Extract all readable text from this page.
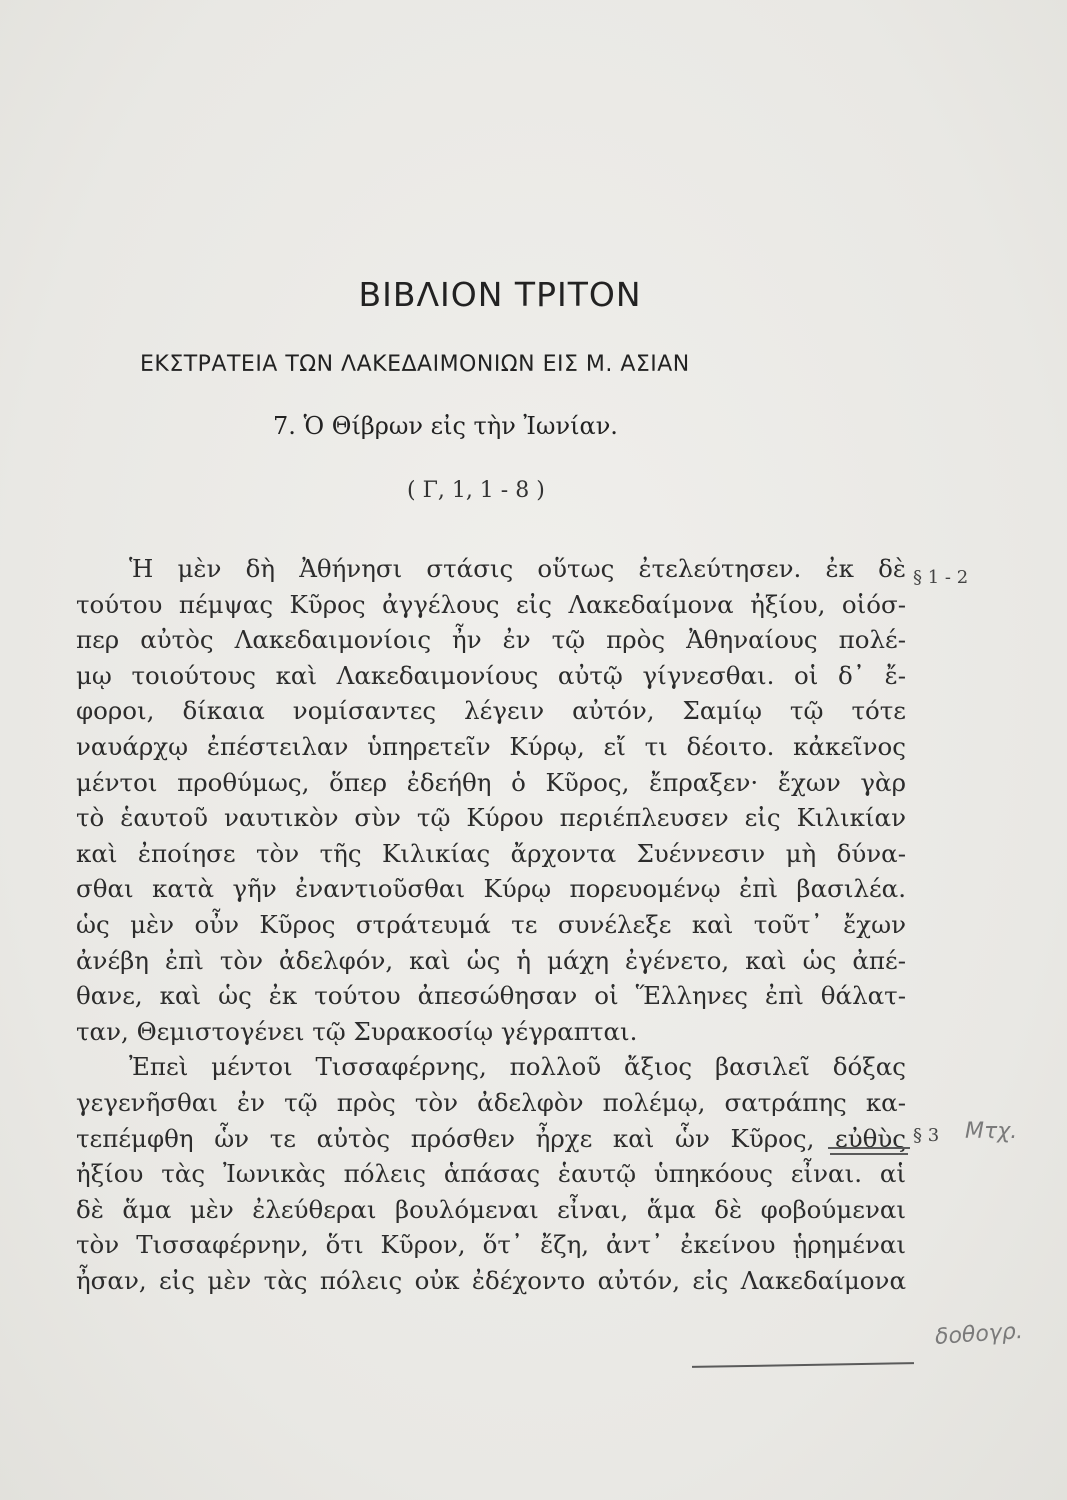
ΒΙΒΛΙΟΝ ΤΡΙΤΟΝ
ΕΚΣΤΡΑΤΕΙΑ ΤΩΝ ΛΑΚΕΔΑΙΜΟΝΙΩΝ ΕΙΣ Μ. ΑΣΙΑΝ
7. Ὁ Θίβρων εἰς τὴν Ἰωνίαν.
( Γ, 1, 1 - 8 )
Ἡ μὲν δὴ Ἀθήνησι στάσις οὕτως ἐτελεύτησεν. ἐκ δὲ
τούτου πέμψας Κῦρος ἀγγέλους εἰς Λακεδαίμονα ἠξίου, οἱόσ-
περ αὐτὸς Λακεδαιμονίοις ἦν ἐν τῷ πρὸς Ἀθηναίους πολέ-
μῳ τοιούτους καὶ Λακεδαιμονίους αὐτῷ γίγνεσθαι. οἱ δ᾽ ἔ-
φοροι, δίκαια νομίσαντες λέγειν αὐτόν, Σαμίῳ τῷ τότε
ναυάρχῳ ἐπέστειλαν ὑπηρετεῖν Κύρῳ, εἴ τι δέοιτο. κἀκεῖνος
μέντοι προθύμως, ὅπερ ἐδεήθη ὁ Κῦρος, ἔπραξεν· ἔχων γὰρ
τὸ ἑαυτοῦ ναυτικὸν σὺν τῷ Κύρου περιέπλευσεν εἰς Κιλικίαν
καὶ ἐποίησε τὸν τῆς Κιλικίας ἄρχοντα Συέννεσιν μὴ δύνα-
σθαι κατὰ γῆν ἐναντιοῦσθαι Κύρῳ πορευομένῳ ἐπὶ βασιλέα.
ὡς μὲν οὖν Κῦρος στράτευμά τε συνέλεξε καὶ τοῦτ᾽ ἔχων
ἀνέβη ἐπὶ τὸν ἀδελφόν, καὶ ὡς ἡ μάχη ἐγένετο, καὶ ὡς ἀπέ-
θανε, καὶ ὡς ἐκ τούτου ἀπεσώθησαν οἱ Ἕλληνες ἐπὶ θάλατ-
ταν, Θεμιστογένει τῷ Συρακοσίῳ γέγραπται.
Ἐπεὶ μέντοι Τισσαφέρνης, πολλοῦ ἄξιος βασιλεῖ δόξας
γεγενῆσθαι ἐν τῷ πρὸς τὸν ἀδελφὸν πολέμῳ, σατράπης κα-
τεπέμφθη ὧν τε αὐτὸς πρόσθεν ἦρχε καὶ ὧν Κῦρος, εὐθὺς
ἠξίου τὰς Ἰωνικὰς πόλεις ἁπάσας ἑαυτῷ ὑπηκόους εἶναι. αἱ
δὲ ἅμα μὲν ἐλεύθεραι βουλόμεναι εἶναι, ἅμα δὲ φοβούμεναι
τὸν Τισσαφέρνην, ὅτι Κῦρον, ὅτ᾽ ἔζη, ἀντ᾽ ἐκείνου ᾑρημέναι
ἦσαν, εἰς μὲν τὰς πόλεις οὐκ ἐδέχοντο αὐτόν, εἰς Λακεδαίμονα
§ 1 - 2
§ 3 Μτχ.
δοθογρ.
